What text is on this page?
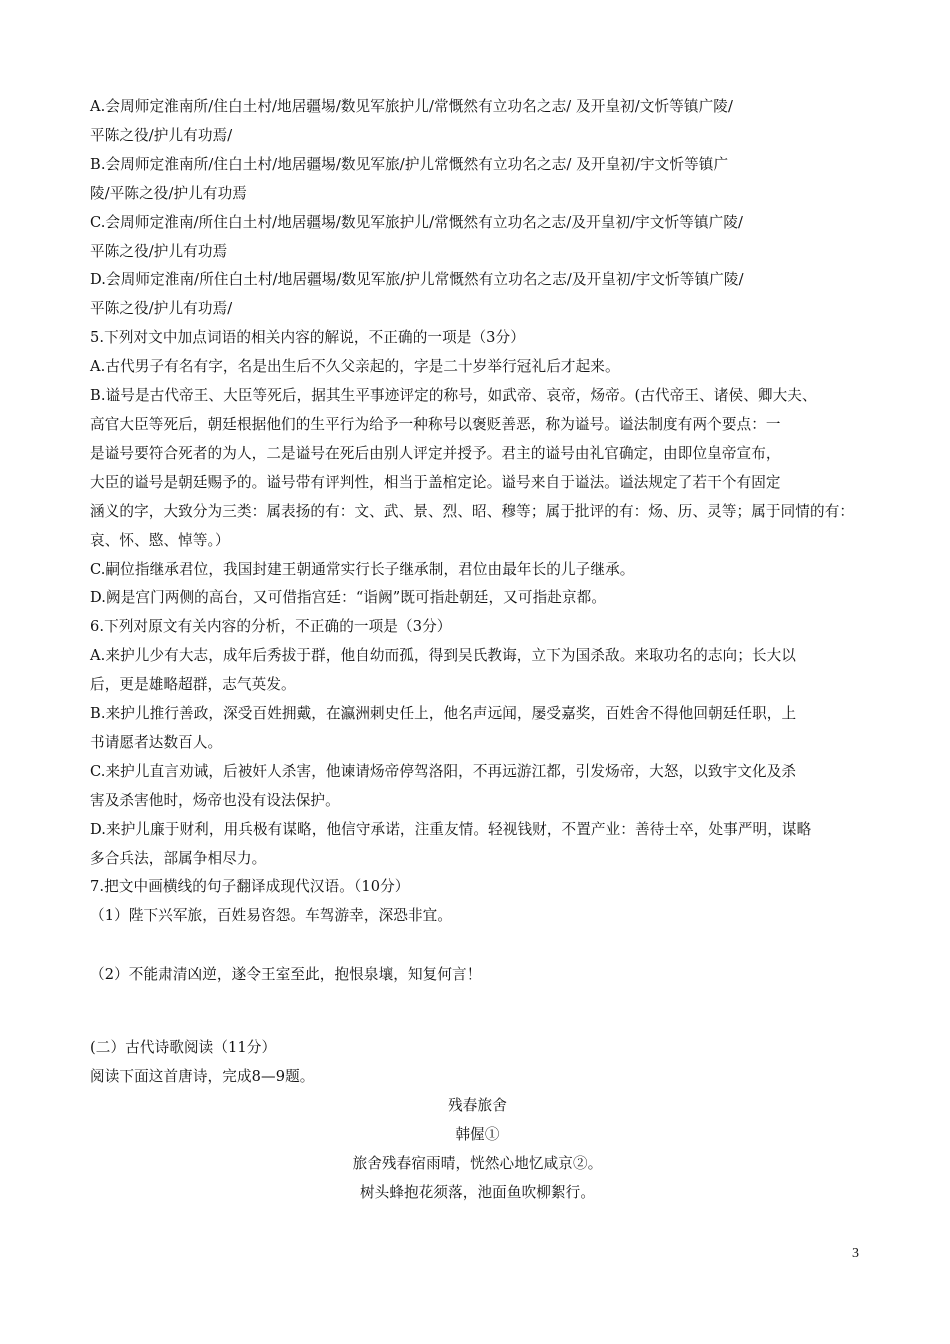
A.会周师定淮南所/住白土村/地居疆埸/数见军旅护儿/常慨然有立功名之志/ 及开皇初/文忻等镇广陵/
平陈之役/护儿有功焉/
B.会周师定淮南所/住白土村/地居疆埸/数见军旅/护儿常慨然有立功名之志/ 及开皇初/宇文忻等镇广
陵/平陈之役/护儿有功焉
C.会周师定淮南/所住白土村/地居疆埸/数见军旅护儿/常慨然有立功名之志/及开皇初/宇文忻等镇广陵/
平陈之役/护儿有功焉
D.会周师定淮南/所住白土村/地居疆埸/数见军旅/护儿常慨然有立功名之志/及开皇初/宇文忻等镇广陵/
平陈之役/护儿有功焉/
5.下列对文中加点词语的相关内容的解说，不正确的一项是（3分）
A.古代男子有名有字，名是出生后不久父亲起的，字是二十岁举行冠礼后才起来。
B.谥号是古代帝王、大臣等死后，据其生平事迹评定的称号，如武帝、哀帝，炀帝。(古代帝王、诸侯、卿大夫、
高官大臣等死后，朝廷根据他们的生平行为给予一种称号以褒贬善恶，称为谥号。谥法制度有两个要点：一
是谥号要符合死者的为人，二是谥号在死后由别人评定并授予。君主的谥号由礼官确定，由即位皇帝宣布，
大臣的谥号是朝廷赐予的。谥号带有评判性，相当于盖棺定论。谥号来自于谥法。谥法规定了若干个有固定
涵义的字，大致分为三类：属表扬的有：文、武、景、烈、昭、穆等；属于批评的有：炀、历、灵等；属于同情的有：
哀、怀、愍、悼等。）
C.嗣位指继承君位，我国封建王朝通常实行长子继承制，君位由最年长的儿子继承。
D.阙是宫门两侧的高台，又可借指宫廷：“诣阙”既可指赴朝廷，又可指赴京都。
6.下列对原文有关内容的分析，不正确的一项是（3分）
A.来护儿少有大志，成年后秀拔于群，他自幼而孤，得到吴氏教诲，立下为国杀敌。来取功名的志向；长大以
后，更是雄略超群，志气英发。
B.来护儿推行善政，深受百姓拥戴，在瀛洲刺史任上，他名声远闻，屡受嘉奖，百姓舍不得他回朝廷任职，上
书请愿者达数百人。
C.来护儿直言劝诫，后被奸人杀害，他谏请炀帝停驾洛阳，不再远游江都，引发炀帝，大怒，以致宇文化及杀
害及杀害他时，炀帝也没有设法保护。
D.来护儿廉于财利，用兵极有谋略，他信守承诺，注重友情。轻视钱财，不置产业：善待士卒，处事严明，谋略
多合兵法，部属争相尽力。
7.把文中画横线的句子翻译成现代汉语。（10分）
（1）陛下兴军旅，百姓易咨怨。车驾游幸，深恐非宜。
（2）不能肃清凶逆，遂令王室至此，抱恨泉壤，知复何言！
(二）古代诗歌阅读（11分）
阅读下面这首唐诗，完成8—9题。
残春旅舍
韩偓①
旅舍残春宿雨晴，恍然心地忆咸京②。
树头蜂抱花须落，池面鱼吹柳絮行。
3
